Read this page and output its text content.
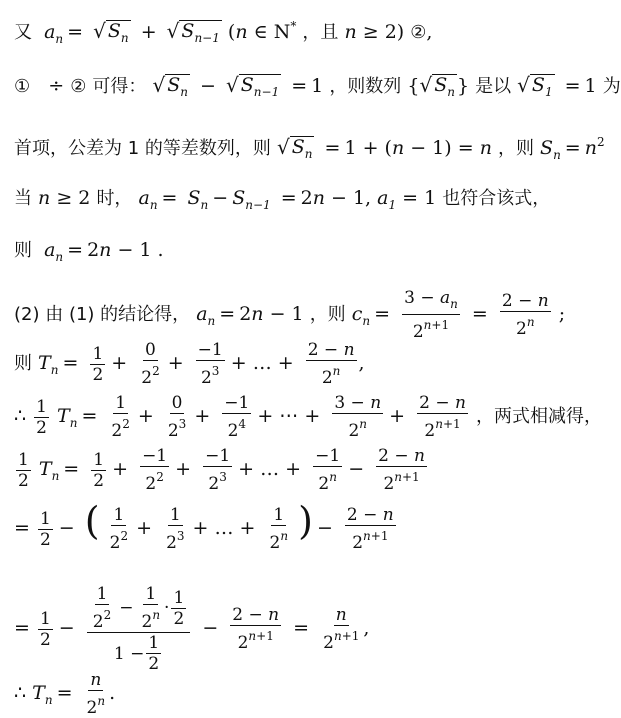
又  $a_n$ = √ $S_n$ + √ $S_{n-1}$ (n ∈ N* ，且 n ≥ 2) ②,
①   ÷ ② 可得： √ $S_n$ − √ $S_{n-1} = 1$ ，则数列 { √ $S_n$ } 是以 √ $S_1 = 1$ 为
首项，公差为 1 的等差数列，则 √ $S_n = 1 + (n - 1) = n$ ，则 $S_n = n^2$
当 n ≥ 2 时， $a_n = S_n - S_{n-1} = 2n - 1$, $a_1 = 1$ 也符合该式，
则  $a_n = 2n - 1$ .
(2) 由 (1) 的结论得， $a_n = 2n - 1$ ，则 $c_n = \frac{3 - a_n}{2^{n+1}} = \frac{2 - n}{2^n}$ ;
则 $T_n = \frac{1}{2} + \frac{0}{2^2} + \frac{-1}{2^3}$ + … + $\frac{2 - n}{2^n}$ ,
∴ $\frac{1}{2} T_n = \frac{1}{2^2} + \frac{0}{2^3} + \frac{-1}{2^4}$ + ⋯ + $\frac{3 - n}{2^n} + \frac{2 - n}{2^{n+1}}$ ，两式相减得，
$\frac{1}{2} T_n = \frac{1}{2} + \frac{-1}{2^2} + \frac{-1}{2^3}$ + … + $\frac{-1}{2^n} - \frac{2 - n}{2^{n+1}}$
= $\frac{1}{2}$ − ( $\frac{1}{2^2} + \frac{1}{2^3}$ + … + $\frac{1}{2^n}$ ) − $\frac{2 - n}{2^{n+1}}$
= $\frac{1}{2} - \frac{\frac{1}{2^2} - \frac{1}{2^n} \cdot \frac{1}{2}}{1 - \frac{1}{2}} - \frac{2 - n}{2^{n+1}} = \frac{n}{2^{n+1}}$ ,
∴ $T_n = \frac{n}{2^n}$ .
